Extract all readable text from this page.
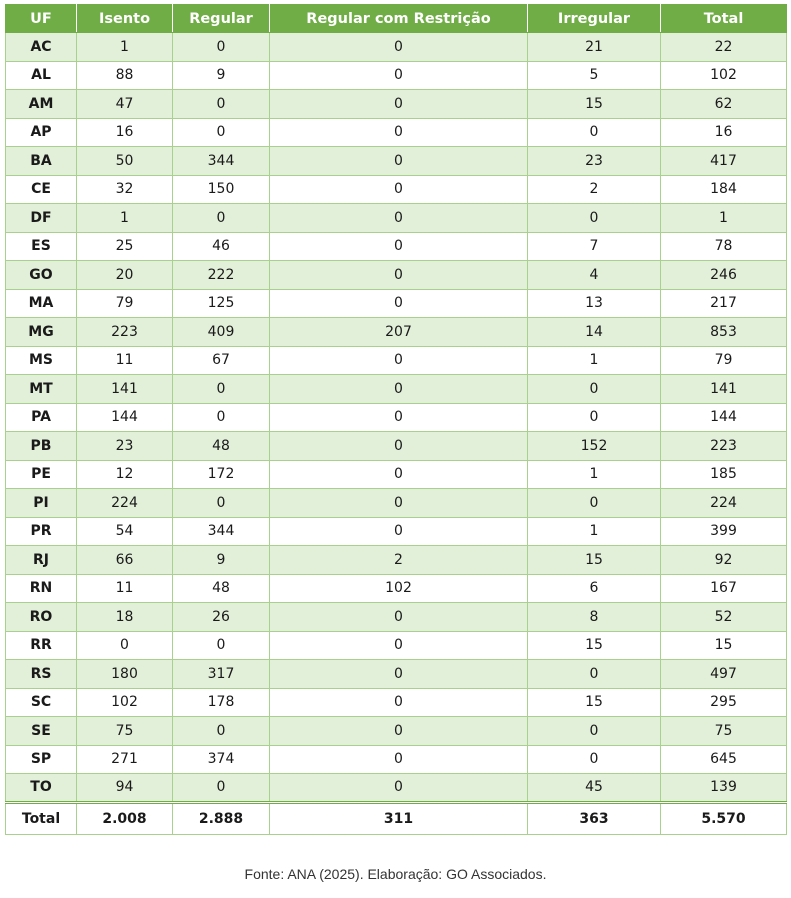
UF	Isento	Regular	Regular com Restrição	Irregular	Total
AC	1	0	0	21	22
AL	88	9	0	5	102
AM	47	0	0	15	62
AP	16	0	0	0	16
BA	50	344	0	23	417
CE	32	150	0	2	184
DF	1	0	0	0	1
ES	25	46	0	7	78
GO	20	222	0	4	246
MA	79	125	0	13	217
MG	223	409	207	14	853
MS	11	67	0	1	79
MT	141	0	0	0	141
PA	144	0	0	0	144
PB	23	48	0	152	223
PE	12	172	0	1	185
PI	224	0	0	0	224
PR	54	344	0	1	399
RJ	66	9	2	15	92
RN	11	48	102	6	167
RO	18	26	0	8	52
RR	0	0	0	15	15
RS	180	317	0	0	497
SC	102	178	0	15	295
SE	75	0	0	0	75
SP	271	374	0	0	645
TO	94	0	0	45	139
Total	2.008	2.888	311	363	5.570
Fonte: ANA (2025). Elaboração: GO Associados.
